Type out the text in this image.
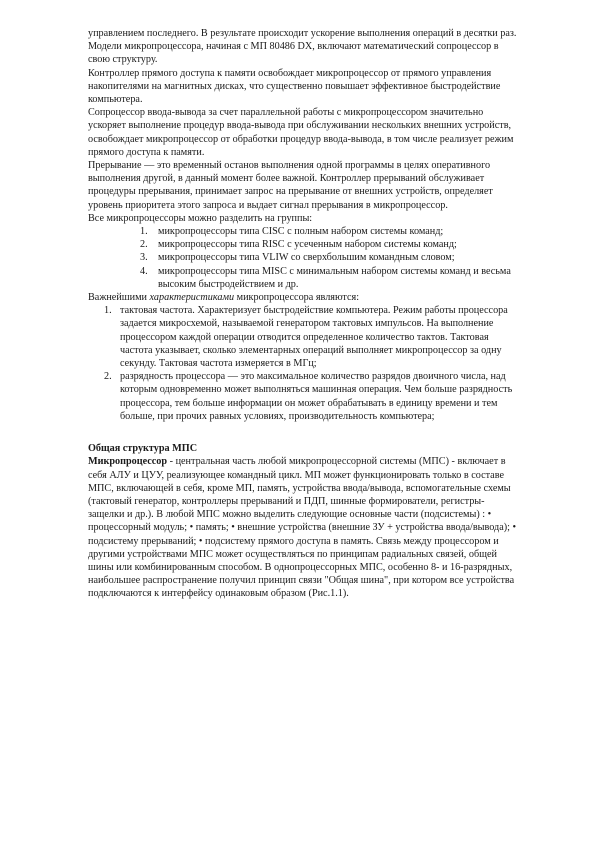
управлением последнего. В результате происходит ускорение выполнения операций в десятки раз. Модели микропроцессора, начиная с МП 80486 DX, включают математический сопроцессор в свою структуру.

Контроллер прямого доступа к памяти освобождает микропроцессор от прямого управления накопителями на магнитных дисках, что существенно повышает эффективное быстродействие компьютера.

Сопроцессор ввода-вывода за счет параллельной работы с микропроцессором значительно ускоряет выполнение процедур ввода-вывода при обслуживании нескольких внешних устройств, освобождает микропроцессор от обработки процедур ввода-вывода, в том числе реализует режим прямого доступа к памяти.

Прерывание — это временный останов выполнения одной программы в целях оперативного выполнения другой, в данный момент более важной. Контроллер прерываний обслуживает процедуры прерывания, принимает запрос на прерывание от внешних устройств, определяет уровень приоритета этого запроса и выдает сигнал прерывания в микропроцессор.

Все микропроцессоры можно разделить на группы:

1. микропроцессоры типа CISC с полным набором системы команд;
2. микропроцессоры типа RISC с усеченным набором системы команд;
3. микропроцессоры типа VLIW со сверхбольшим командным словом;
4. микропроцессоры типа MISC с минимальным набором системы команд и весьма высоким быстродействием и др.

Важнейшими характеристиками микропроцессора являются:

1. тактовая частота. Характеризует быстродействие компьютера. Режим работы процессора задается микросхемой, называемой генератором тактовых импульсов. На выполнение процессором каждой операции отводится определенное количество тактов. Тактовая частота указывает, сколько элементарных операций выполняет микропроцессор за одну секунду. Тактовая частота измеряется в МГц;
2. разрядность процессора — это максимальное количество разрядов двоичного числа, над которым одновременно может выполняться машинная операция. Чем больше разрядность процессора, тем больше информации он может обрабатывать в единицу времени и тем больше, при прочих равных условиях, производительность компьютера;

Общая структура МПС

Микропроцессор - центральная часть любой микропроцессорной системы (МПС) - включает в себя АЛУ и ЦУУ, реализующее командный цикл. МП может функционировать только в составе МПС, включающей в себя, кроме МП, память, устройства ввода/вывода, вспомогательные схемы (тактовый генератор, контроллеры прерываний и ПДП, шинные формирователи, регистры-защелки и др.). В любой МПС можно выделить следующие основные части (подсистемы) : • процессорный модуль; • память; • внешние устройства (внешние ЗУ + устройства ввода/вывода); • подсистему прерываний; • подсистему прямого доступа в память. Связь между процессором и другими устройствами МПС может осуществляться по принципам радиальных связей, общей шины или комбинированным способом. В однопроцессорных МПС, особенно 8- и 16-разрядных, наибольшее распространение получил принцип связи "Общая шина", при котором все устройства подключаются к интерфейсу одинаковым образом (Рис.1.1).
